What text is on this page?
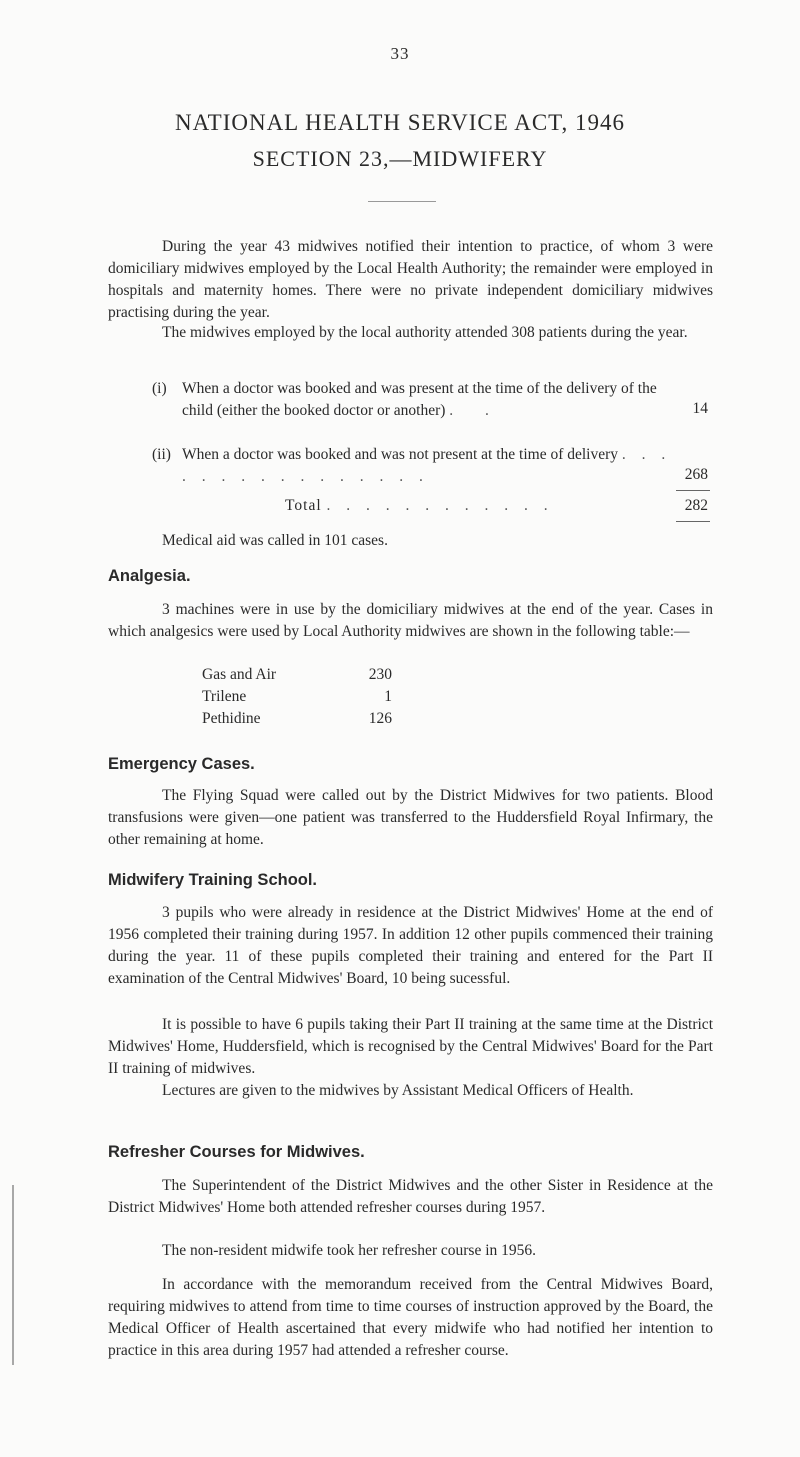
33
NATIONAL HEALTH SERVICE ACT, 1946
SECTION 23,—MIDWIFERY
During the year 43 midwives notified their intention to practice, of whom 3 were domiciliary midwives employed by the Local Health Authority; the remainder were employed in hospitals and maternity homes. There were no private independent domiciliary midwives practising during the year.
The midwives employed by the local authority attended 308 patients during the year.
(i) When a doctor was booked and was present at the time of the delivery of the child (either the booked doctor or another) . .	14
(ii) When a doctor was booked and was not present at the time of delivery . . . . . . . . . . . . . . . .	268
Total . . . . . . . . . . . .	282
Medical aid was called in 101 cases.
Analgesia.
3 machines were in use by the domiciliary midwives at the end of the year. Cases in which analgesics were used by Local Authority midwives are shown in the following table:—
Gas and Air	230
Trilene	1
Pethidine	126
Emergency Cases.
The Flying Squad were called out by the District Midwives for two patients. Blood transfusions were given—one patient was transferred to the Huddersfield Royal Infirmary, the other remaining at home.
Midwifery Training School.
3 pupils who were already in residence at the District Midwives' Home at the end of 1956 completed their training during 1957. In addition 12 other pupils commenced their training during the year. 11 of these pupils completed their training and entered for the Part II examination of the Central Midwives' Board, 10 being sucessful.
It is possible to have 6 pupils taking their Part II training at the same time at the District Midwives' Home, Huddersfield, which is recognised by the Central Midwives' Board for the Part II training of midwives.
Lectures are given to the midwives by Assistant Medical Officers of Health.
Refresher Courses for Midwives.
The Superintendent of the District Midwives and the other Sister in Residence at the District Midwives' Home both attended refresher courses during 1957.
The non-resident midwife took her refresher course in 1956.
In accordance with the memorandum received from the Central Midwives Board, requiring midwives to attend from time to time courses of instruction approved by the Board, the Medical Officer of Health ascertained that every midwife who had notified her intention to practice in this area during 1957 had attended a refresher course.
